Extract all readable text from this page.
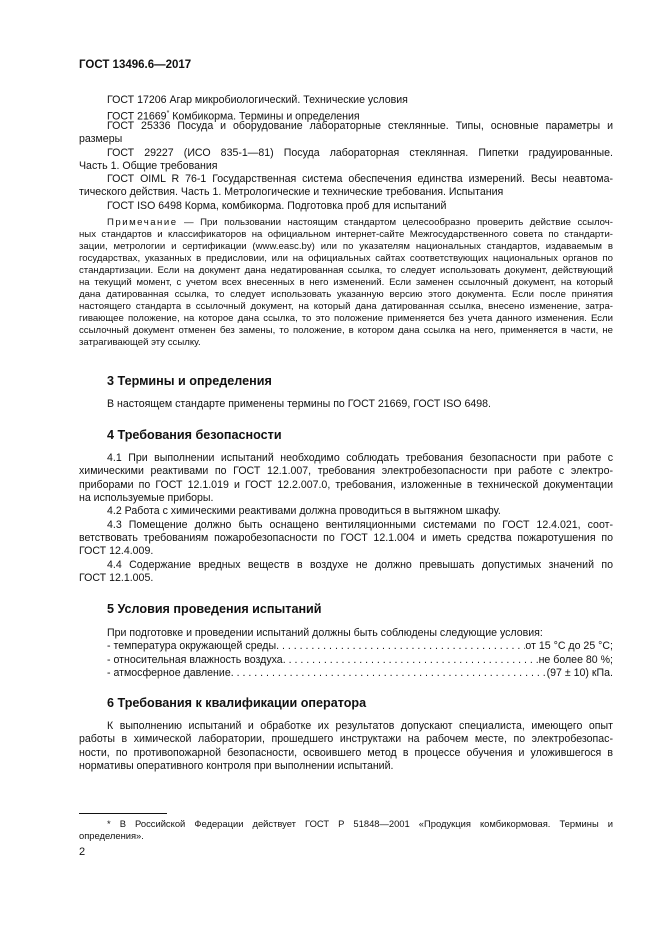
ГОСТ 13496.6—2017
ГОСТ 17206 Агар микробиологический. Технические условия
ГОСТ 21669* Комбикорма. Термины и определения
ГОСТ 25336 Посуда и оборудование лабораторные стеклянные. Типы, основные параметры и
размеры
ГОСТ 29227 (ИСО 835-1—81) Посуда лабораторная стеклянная. Пипетки градуированные.
Часть 1. Общие требования
ГОСТ OIML R 76-1 Государственная система обеспечения единства измерений. Весы неавтома-
тического действия. Часть 1. Метрологические и технические требования. Испытания
ГОСТ ISO 6498 Корма, комбикорма. Подготовка проб для испытаний
Примечание — При пользовании настоящим стандартом целесообразно проверить действие ссылоч-
ных стандартов и классификаторов на официальном интернет-сайте Межгосударственного совета по стандарти-
зации, метрологии и сертификации (www.easc.by) или по указателям национальных стандартов, издаваемым в
государствах, указанных в предисловии, или на официальных сайтах соответствующих национальных органов по
стандартизации. Если на документ дана недатированная ссылка, то следует использовать документ, действующий
на текущий момент, с учетом всех внесенных в него изменений. Если заменен ссылочный документ, на который
дана датированная ссылка, то следует использовать указанную версию этого документа. Если после принятия
настоящего стандарта в ссылочный документ, на который дана датированная ссылка, внесено изменение, затра-
гивающее положение, на которое дана ссылка, то это положение применяется без учета данного изменения. Если
ссылочный документ отменен без замены, то положение, в котором дана ссылка на него, применяется в части, не
затрагивающей эту ссылку.
3 Термины и определения
В настоящем стандарте применены термины по ГОСТ 21669, ГОСТ ISO 6498.
4 Требования безопасности
4.1 При выполнении испытаний необходимо соблюдать требования безопасности при работе с
химическими реактивами по ГОСТ 12.1.007, требования электробезопасности при работе с электро-
приборами по ГОСТ 12.1.019 и ГОСТ 12.2.007.0, требования, изложенные в технической документации
на используемые приборы.
4.2 Работа с химическими реактивами должна проводиться в вытяжном шкафу.
4.3 Помещение должно быть оснащено вентиляционными системами по ГОСТ 12.4.021, соот-
ветствовать требованиям пожаробезопасности по ГОСТ 12.1.004 и иметь средства пожаротушения по
ГОСТ 12.4.009.
4.4 Содержание вредных веществ в воздухе не должно превышать допустимых значений по
ГОСТ 12.1.005.
5 Условия проведения испытаний
При подготовке и проведении испытаний должны быть соблюдены следующие условия:
- температура окружающей среды . . .	от 15 °С до 25 °С;
- относительная влажность воздуха . . .	не более 80 %;
- атмосферное давление . . .	(97 ± 10) кПа.
6 Требования к квалификации оператора
К выполнению испытаний и обработке их результатов допускают специалиста, имеющего опыт
работы в химической лаборатории, прошедшего инструктажи на рабочем месте, по электробезопас-
ности, по противопожарной безопасности, освоившего метод в процессе обучения и уложившегося в
нормативы оперативного контроля при выполнении испытаний.
* В Российской Федерации действует ГОСТ Р 51848—2001 «Продукция комбикормовая. Термины и
определения».
2
